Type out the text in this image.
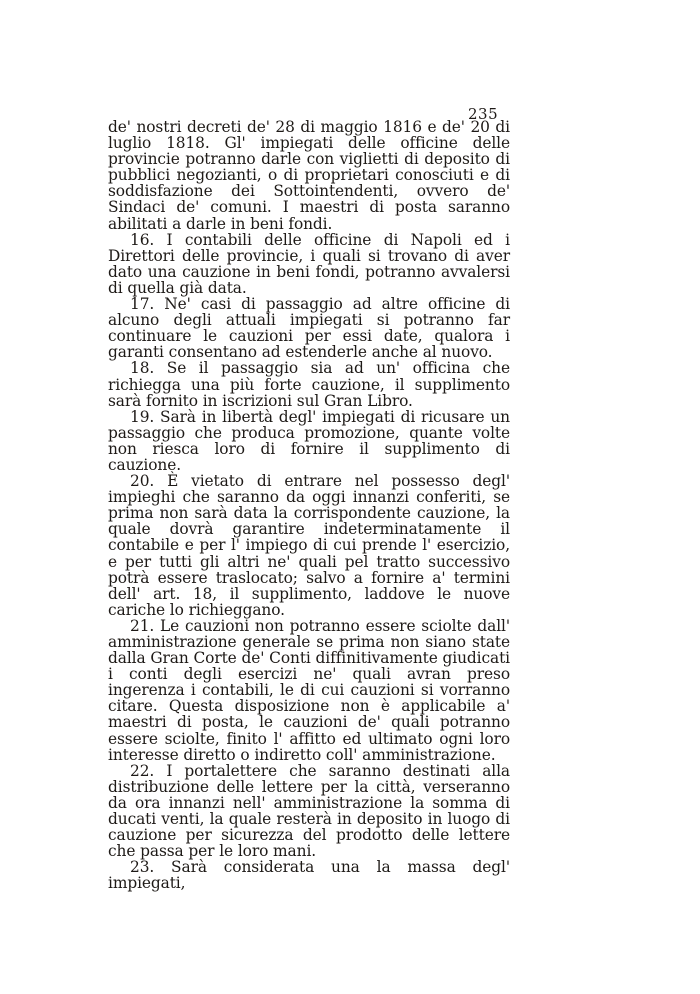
235

de' nostri decreti de' 28 di maggio 1816 e de' 20 di luglio 1818. Gl' impiegati delle officine delle provincie potranno darle con viglietti di deposito di pubblici negozianti, o di proprietari conosciuti e di soddisfazione dei Sottointendenti, ovvero de' Sindaci de' comuni. I maestri di posta saranno abilitati a darle in beni fondi.

16. I contabili delle officine di Napoli ed i Direttori delle provincie, i quali si trovano di aver dato una cauzione in beni fondi, potranno avvalersi di quella già data.

17. Ne' casi di passaggio ad altre officine di alcuno degli attuali impiegati si potranno far continuare le cauzioni per essi date, qualora i garanti consentano ad estenderle anche al nuovo.

18. Se il passaggio sia ad un' officina che richiegga una più forte cauzione, il supplimento sarà fornito in iscrizioni sul Gran Libro.

19. Sarà in libertà degl' impiegati di ricusare un passaggio che produca promozione, quante volte non riesca loro di fornire il supplimento di cauzione.

20. È vietato di entrare nel possesso degl' impieghi che saranno da oggi innanzi conferiti, se prima non sarà data la corrispondente cauzione, la quale dovrà garantire indeterminatamente il contabile e per l' impiego di cui prende l' esercizio, e per tutti gli altri ne' quali pel tratto successivo potrà essere traslocato; salvo a fornire a' termini dell' art. 18, il supplimento, laddove le nuove cariche lo richieggano.

21. Le cauzioni non potranno essere sciolte dall' amministrazione generale se prima non siano state dalla Gran Corte de' Conti diffinitivamente giudicati i conti degli esercizi ne' quali avran preso ingerenza i contabili, le di cui cauzioni si vorranno citare. Questa disposizione non è applicabile a' maestri di posta, le cauzioni de' quali potranno essere sciolte, finito l' affitto ed ultimato ogni loro interesse diretto o indiretto coll' amministrazione.

22. I portalettere che saranno destinati alla distribuzione delle lettere per la città, verseranno da ora innanzi nell' amministrazione la somma di ducati venti, la quale resterà in deposito in luogo di cauzione per sicurezza del prodotto delle lettere che passa per le loro mani.

23. Sarà considerata una la massa degl' impiegati,
